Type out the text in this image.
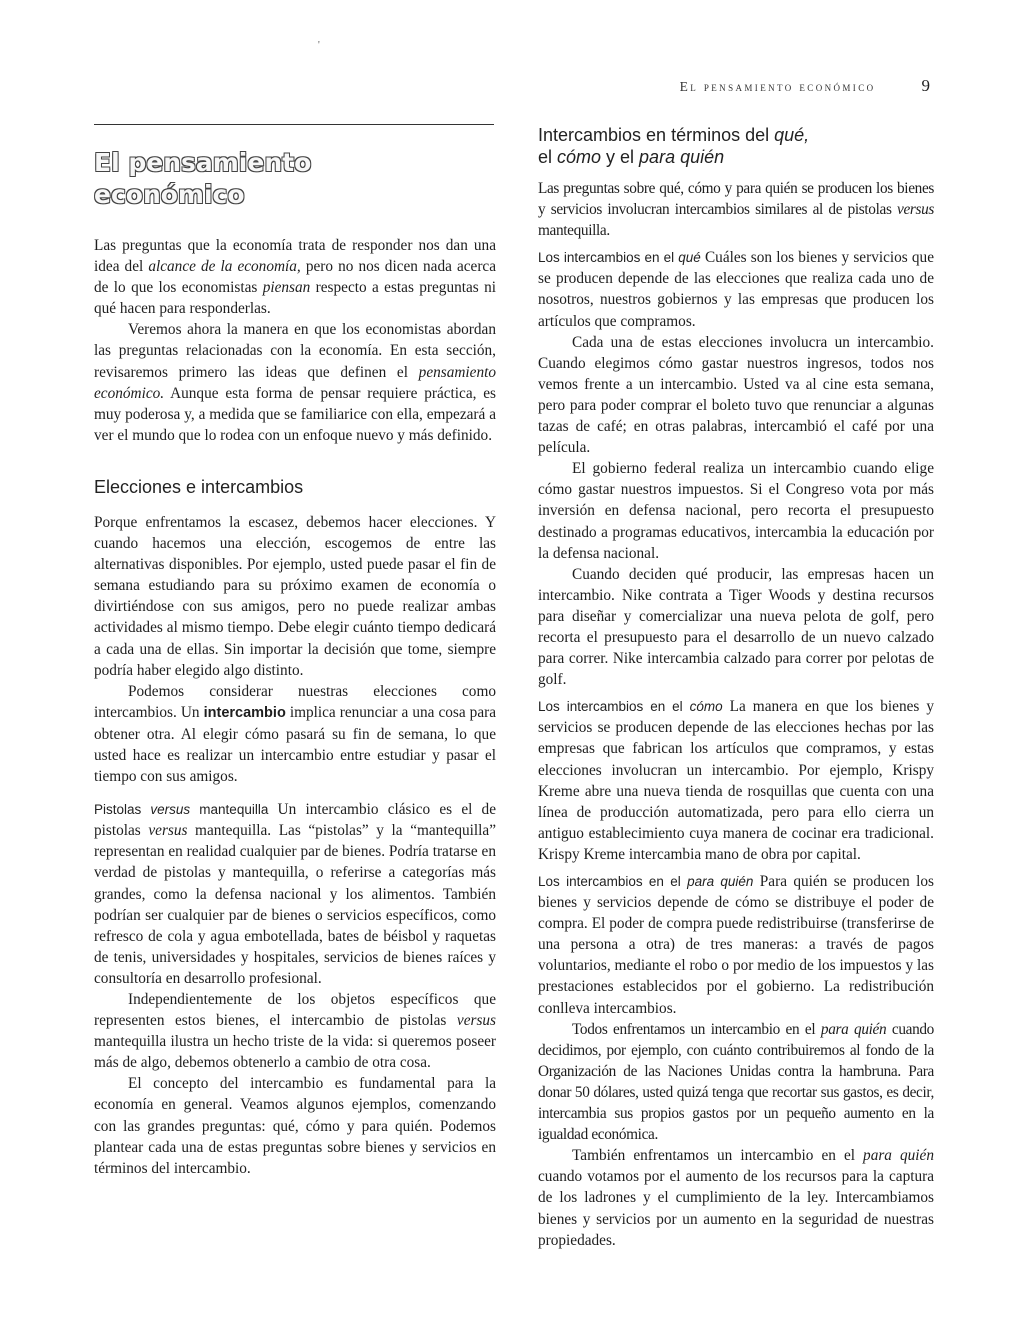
'
El pensamiento económico	9
El pensamiento
económico

Las preguntas que la economía trata de responder nos dan una idea del alcance de la economía, pero no nos dicen nada acerca de lo que los economistas piensan respecto a estas preguntas ni qué hacen para responderlas.

Veremos ahora la manera en que los economistas abordan las preguntas relacionadas con la economía. En esta sección, revisaremos primero las ideas que definen el pensamiento económico. Aunque esta forma de pensar requiere práctica, es muy poderosa y, a medida que se familiarice con ella, empezará a ver el mundo que lo rodea con un enfoque nuevo y más definido.

Elecciones e intercambios

Porque enfrentamos la escasez, debemos hacer elecciones. Y cuando hacemos una elección, escogemos de entre las alternativas disponibles. Por ejemplo, usted puede pasar el fin de semana estudiando para su próximo examen de economía o divirtiéndose con sus amigos, pero no puede realizar ambas actividades al mismo tiempo. Debe elegir cuánto tiempo dedicará a cada una de ellas. Sin importar la decisión que tome, siempre podría haber elegido algo distinto.

Podemos considerar nuestras elecciones como intercambios. Un intercambio implica renunciar a una cosa para obtener otra. Al elegir cómo pasará su fin de semana, lo que usted hace es realizar un intercambio entre estudiar y pasar el tiempo con sus amigos.

Pistolas versus mantequilla Un intercambio clásico es el de pistolas versus mantequilla. Las “pistolas” y la “mantequilla” representan en realidad cualquier par de bienes. Podría tratarse en verdad de pistolas y mantequilla, o referirse a categorías más grandes, como la defensa nacional y los alimentos. También podrían ser cualquier par de bienes o servicios específicos, como refresco de cola y agua embotellada, bates de béisbol y raquetas de tenis, universidades y hospitales, servicios de bienes raíces y consultoría en desarrollo profesional.

Independientemente de los objetos específicos que representen estos bienes, el intercambio de pistolas versus mantequilla ilustra un hecho triste de la vida: si queremos poseer más de algo, debemos obtenerlo a cambio de otra cosa.

El concepto del intercambio es fundamental para la economía en general. Veamos algunos ejemplos, comenzando con las grandes preguntas: qué, cómo y para quién. Podemos plantear cada una de estas preguntas sobre bienes y servicios en términos del intercambio.

Intercambios en términos del qué,
el cómo y el para quién

Las preguntas sobre qué, cómo y para quién se producen los bienes y servicios involucran intercambios similares al de pistolas versus mantequilla.

Los intercambios en el qué Cuáles son los bienes y servicios que se producen depende de las elecciones que realiza cada uno de nosotros, nuestros gobiernos y las empresas que producen los artículos que compramos.

Cada una de estas elecciones involucra un intercambio. Cuando elegimos cómo gastar nuestros ingresos, todos nos vemos frente a un intercambio. Usted va al cine esta semana, pero para poder comprar el boleto tuvo que renunciar a algunas tazas de café; en otras palabras, intercambió el café por una película.

El gobierno federal realiza un intercambio cuando elige cómo gastar nuestros impuestos. Si el Congreso vota por más inversión en defensa nacional, pero recorta el presupuesto destinado a programas educativos, intercambia la educación por la defensa nacional.

Cuando deciden qué producir, las empresas hacen un intercambio. Nike contrata a Tiger Woods y destina recursos para diseñar y comercializar una nueva pelota de golf, pero recorta el presupuesto para el desarrollo de un nuevo calzado para correr. Nike intercambia calzado para correr por pelotas de golf.

Los intercambios en el cómo La manera en que los bienes y servicios se producen depende de las elecciones hechas por las empresas que fabrican los artículos que compramos, y estas elecciones involucran un intercambio. Por ejemplo, Krispy Kreme abre una nueva tienda de rosquillas que cuenta con una línea de producción automatizada, pero para ello cierra un antiguo establecimiento cuya manera de cocinar era tradicional. Krispy Kreme intercambia mano de obra por capital.

Los intercambios en el para quién Para quién se producen los bienes y servicios depende de cómo se distribuye el poder de compra. El poder de compra puede redistribuirse (transferirse de una persona a otra) de tres maneras: a través de pagos voluntarios, mediante el robo o por medio de los impuestos y las prestaciones establecidos por el gobierno. La redistribución conlleva intercambios.

Todos enfrentamos un intercambio en el para quién cuando decidimos, por ejemplo, con cuánto contribuiremos al fondo de la Organización de las Naciones Unidas contra la hambruna. Para donar 50 dólares, usted quizá tenga que recortar sus gastos, es decir, intercambia sus propios gastos por un pequeño aumento en la igualdad económica.

También enfrentamos un intercambio en el para quién cuando votamos por el aumento de los recursos para la captura de los ladrones y el cumplimiento de la ley. Intercambiamos bienes y servicios por un aumento en la seguridad de nuestras propiedades.
